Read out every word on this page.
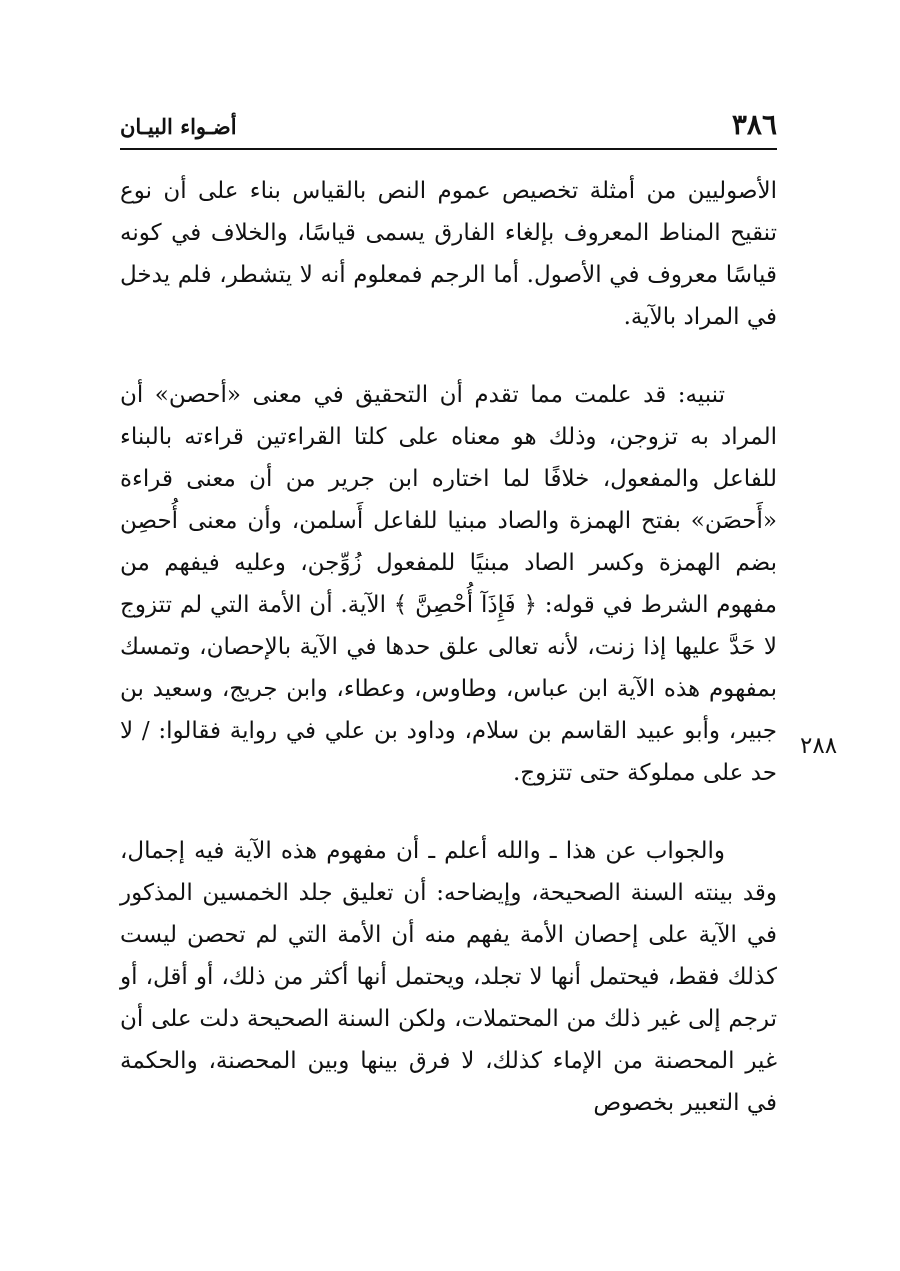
٣٨٦
أضـواء البيـان
٢٨٨

الأصوليين من أمثلة تخصيص عموم النص بالقياس بناء على أن نوع تنقيح المناط المعروف بإلغاء الفارق يسمى قياسًا، والخلاف في كونه قياسًا معروف في الأصول. أما الرجم فمعلوم أنه لا يتشطر، فلم يدخل في المراد بالآية.

تنبيه: قد علمت مما تقدم أن التحقيق في معنى «أحصن» أن المراد به تزوجن، وذلك هو معناه على كلتا القراءتين قراءته بالبناء للفاعل والمفعول، خلافًا لما اختاره ابن جرير من أن معنى قراءة «أَحصَن» بفتح الهمزة والصاد مبنيا للفاعل أَسلمن، وأن معنى أُحصِن بضم الهمزة وكسر الصاد مبنيًا للمفعول زُوِّجن، وعليه فيفهم من مفهوم الشرط في قوله: ﴿ فَإِذَآ أُحْصِنَّ ﴾ الآية. أن الأمة التي لم تتزوج لا حَدَّ عليها إذا زنت، لأنه تعالى علق حدها في الآية بالإحصان، وتمسك بمفهوم هذه الآية ابن عباس، وطاوس، وعطاء، وابن جريج، وسعيد بن جبير، وأبو عبيد القاسم بن سلام، وداود بن علي في رواية فقالوا: / لا حد على مملوكة حتى تتزوج.

والجواب عن هذا ـ والله أعلم ـ أن مفهوم هذه الآية فيه إجمال، وقد بينته السنة الصحيحة، وإيضاحه: أن تعليق جلد الخمسين المذكور في الآية على إحصان الأمة يفهم منه أن الأمة التي لم تحصن ليست كذلك فقط، فيحتمل أنها لا تجلد، ويحتمل أنها أكثر من ذلك، أو أقل، أو ترجم إلى غير ذلك من المحتملات، ولكن السنة الصحيحة دلت على أن غير المحصنة من الإماء كذلك، لا فرق بينها وبين المحصنة، والحكمة في التعبير بخصوص
